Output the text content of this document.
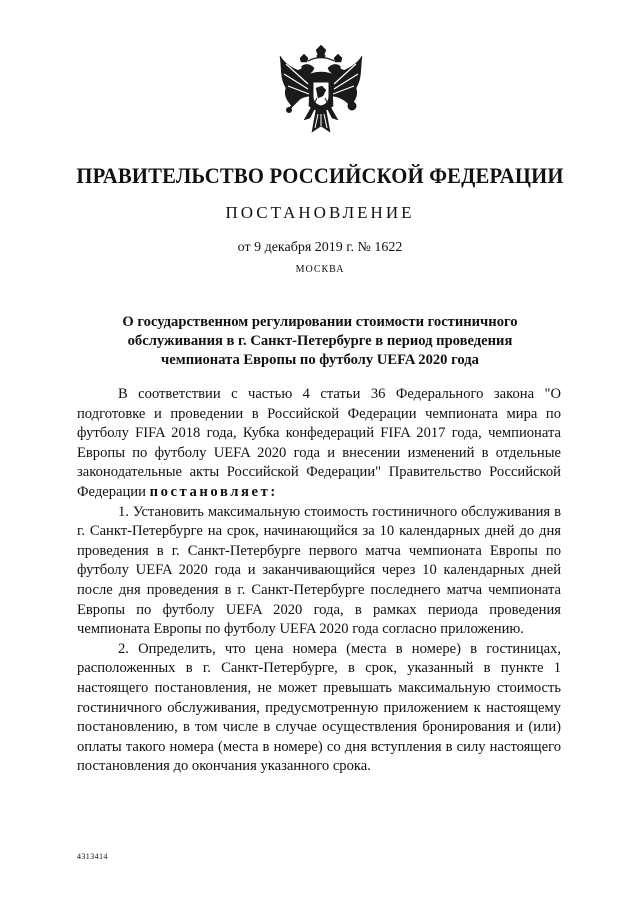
ПРАВИТЕЛЬСТВО РОССИЙСКОЙ ФЕДЕРАЦИИ
ПОСТАНОВЛЕНИЕ
от 9 декабря 2019 г. № 1622
МОСКВА
О государственном регулировании стоимости гостиничного обслуживания в г. Санкт-Петербурге в период проведения чемпионата Европы по футболу UEFA 2020 года

В соответствии с частью 4 статьи 36 Федерального закона "О подготовке и проведении в Российской Федерации чемпионата мира по футболу FIFA 2018 года, Кубка конфедераций FIFA 2017 года, чемпионата Европы по футболу UEFA 2020 года и внесении изменений в отдельные законодательные акты Российской Федерации" Правительство Российской Федерации постановляет:

1. Установить максимальную стоимость гостиничного обслуживания в г. Санкт-Петербурге на срок, начинающийся за 10 календарных дней до дня проведения в г. Санкт-Петербурге первого матча чемпионата Европы по футболу UEFA 2020 года и заканчивающийся через 10 календарных дней после дня проведения в г. Санкт-Петербурге последнего матча чемпионата Европы по футболу UEFA 2020 года, в рамках периода проведения чемпионата Европы по футболу UEFA 2020 года согласно приложению.

2. Определить, что цена номера (места в номере) в гостиницах, расположенных в г. Санкт-Петербурге, в срок, указанный в пункте 1 настоящего постановления, не может превышать максимальную стоимость гостиничного обслуживания, предусмотренную приложением к настоящему постановлению, в том числе в случае осуществления бронирования и (или) оплаты такого номера (места в номере) со дня вступления в силу настоящего постановления до окончания указанного срока.

4313414
